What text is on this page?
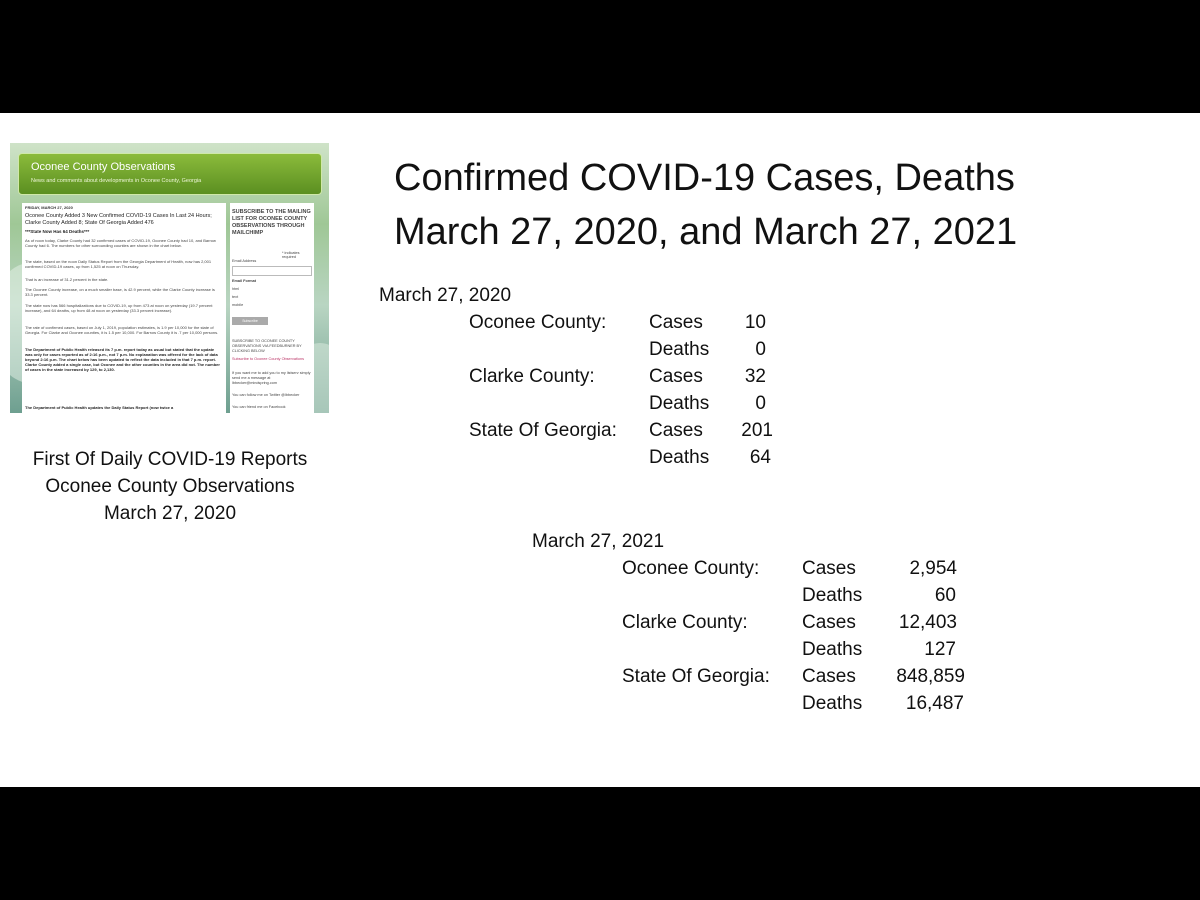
Oconee County Observations
News and comments about developments in Oconee County, Georgia
FRIDAY, MARCH 27, 2020
Oconee County Added 3 New Confirmed COVID-19 Cases In Last 24 Hours; Clarke County Added 8; State Of Georgia Added 476
***State Now Has 64 Deaths***

As of noon today, Clarke County had 32 confirmed cases of COVID-19, Oconee County had 10, and Barrow County had 6. The numbers for other surrounding counties are shown in the chart below.

The state, based on the noon Daily Status Report from the Georgia Department of Health, now has 2,001 confirmed COVID-19 cases, up from 1,525 at noon on Thursday.

That is an increase of 31.2 percent in the state.

The Oconee County increase, on a much smaller base, is 42.9 percent, while the Clarke County increase is 33.3 percent.

The state now has 566 hospitalizations due to COVID-19, up from 473 at noon on yesterday (19.7 percent increase), and 64 deaths, up from 48 at noon on yesterday (33.3 percent increase).

The rate of confirmed cases, based on July 1, 2019, population estimates, is 1.9 per 10,000 for the state of Georgia. For Clarke and Oconee counties, it is 1.5 per 10,000. For Barrow County it is .7 per 10,000 persons.

The Department of Public Health released its 7 p.m. report today as usual but stated that the update was only for cases reported as of 2:16 p.m., not 7 p.m. No explanation was offered for the lack of data beyond 2:16 p.m. The chart below has been updated to reflect the data included in that 7 p.m. report. Clarke County added a single case, but Oconee and the other counties in the area did not. The number of cases in the state increased by 129, to 2,130.

The Department of Public Health updates the Daily Status Report (now twice a

SUBSCRIBE TO THE MAILING LIST FOR OCONEE COUNTY OBSERVATIONS THROUGH MAILCHIMP
* indicates required
Email Address
Email Format
html
text
mobile
Subscribe
SUBSCRIBE TO OCONEE COUNTY OBSERVATIONS VIA FEEDBURNER BY CLICKING BELOW
Subscribe to Oconee County Observations
If you want me to add you to my listserv simply send me a message at lbbecker@mindspring.com
You can follow me on Twitter @lbbecker
You can friend me on Facebook
First Of Daily COVID-19 Reports
Oconee County Observations
March 27, 2020
Confirmed COVID-19 Cases, Deaths
March 27, 2020, and March 27, 2021
March 27, 2020
Oconee County: Cases	10
Deaths	0
Clarke County:	Cases	32
Deaths	0
State Of Georgia: Cases	201
Deaths	64
March 27, 2021
Oconee County: Cases	2,954
Deaths	60
Clarke County:	Cases	12,403
Deaths	127
State Of Georgia: Cases	848,859
Deaths	16,487
